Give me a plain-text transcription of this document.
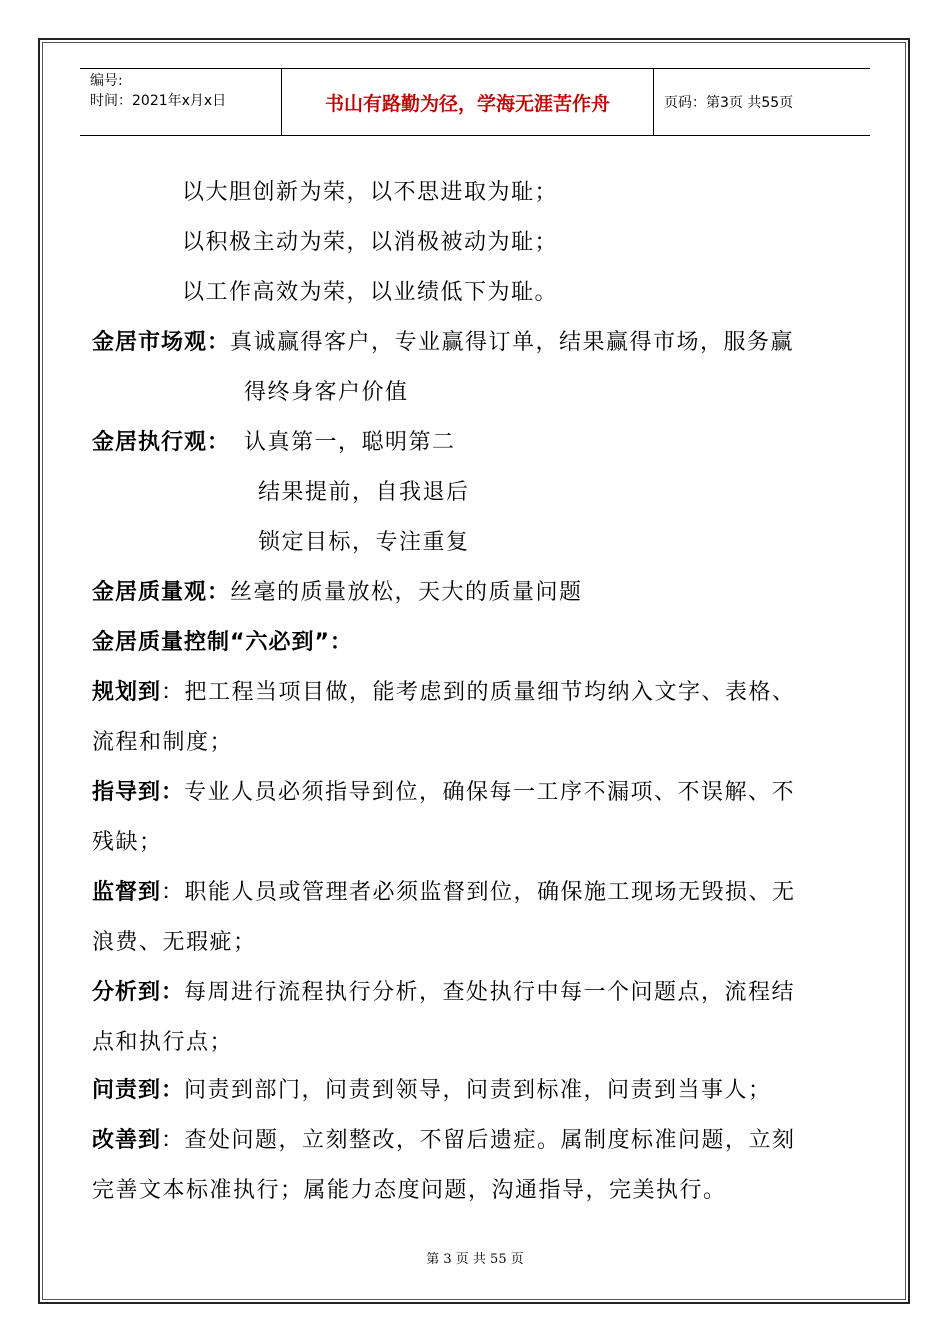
编号:
时间：2021年x月x日	书山有路勤为径，学海无涯苦作舟	页码：第3页 共55页
以大胆创新为荣，以不思进取为耻；
以积极主动为荣，以消极被动为耻；
以工作高效为荣，以业绩低下为耻。
金居市场观：真诚赢得客户，专业赢得订单，结果赢得市场，服务赢
得终身客户价值
金居执行观： 认真第一，聪明第二
结果提前，自我退后
锁定目标，专注重复
金居质量观：丝毫的质量放松，天大的质量问题
金居质量控制“六必到”：
规划到：把工程当项目做，能考虑到的质量细节均纳入文字、表格、
流程和制度；
指导到：专业人员必须指导到位，确保每一工序不漏项、不误解、不
残缺；
监督到：职能人员或管理者必须监督到位，确保施工现场无毁损、无
浪费、无瑕疵；
分析到：每周进行流程执行分析，查处执行中每一个问题点，流程结
点和执行点；
问责到：问责到部门，问责到领导，问责到标准，问责到当事人；
改善到：查处问题，立刻整改，不留后遗症。属制度标准问题，立刻
完善文本标准执行；属能力态度问题，沟通指导，完美执行。
第 3 页 共 55 页
